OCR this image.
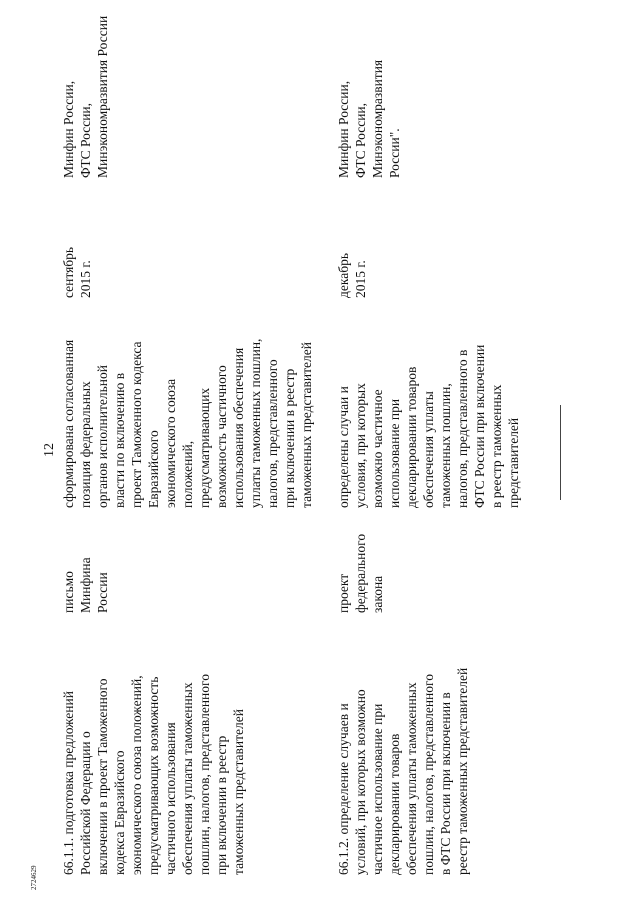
12
66.1.1. подготовка предложений Российской Федерации о включении в проект Таможенного кодекса Евразийского экономического союза положений, предусматривающих возможность частичного использования обеспечения уплаты таможенных пошлин, налогов, представленного при включении в реестр таможенных представителей
письмо Минфина России
сформирована согласованная позиция федеральных органов исполнительной власти по включению в проект Таможенного кодекса Евразийского экономического союза положений, предусматривающих возможность частичного использования обеспечения уплаты таможенных пошлин, налогов, представленного при включении в реестр таможенных представителей
сентябрь 2015 г.
Минфин России, ФТС России, Минэкономразвития России
66.1.2. определение случаев и условий, при которых возможно частичное использование при декларировании товаров обеспечения уплаты таможенных пошлин, налогов, представленного в ФТС России при включении в реестр таможенных представителей
проект федерального закона
определены случаи и условия, при которых возможно частичное использование при декларировании товаров обеспечения уплаты таможенных пошлин, налогов, представленного в ФТС России при включении в реестр таможенных представителей
декабрь 2015 г.
Минфин России, ФТС России, Минэкономразвития России".
2724629
